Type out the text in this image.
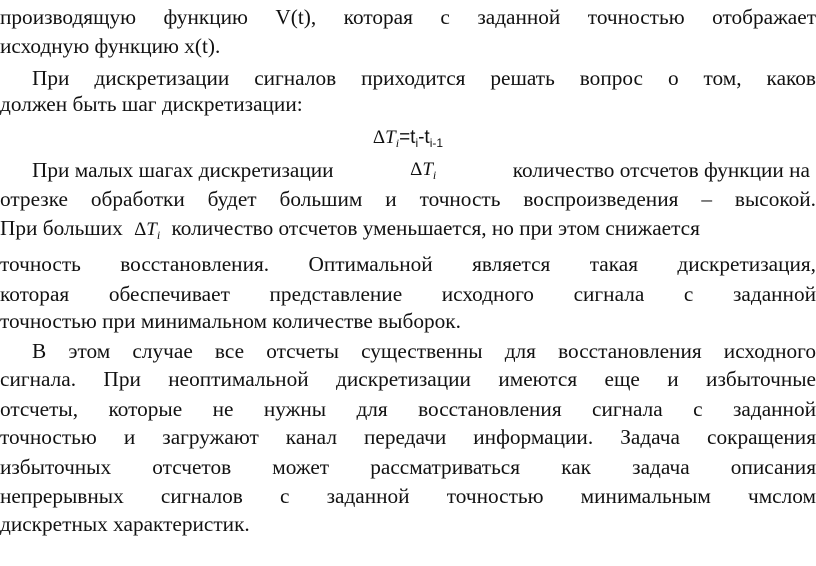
производящую функцию V(t), которая с заданной точностью отображает
исходную функцию x(t).
При дискретизации сигналов приходится решать вопрос о том, каков
должен быть шаг дискретизации:
$\Delta T_i=t_i-t_{i-1}$
При малых шагах дискретизации	$\Delta T_i$	количество отсчетов функции на
отрезке обработки будет большим и точность воспроизведения – высокой.
При больших $\Delta T_i$ количество отсчетов уменьшается, но при этом снижается
точность восстановления. Оптимальной является такая дискретизация,
которая обеспечивает представление исходного сигнала с заданной
точностью при минимальном количестве выборок.
В этом случае все отсчеты существенны для восстановления исходного
сигнала. При неоптимальной дискретизации имеются еще и избыточные
отсчеты, которые не нужны для восстановления сигнала с заданной
точностью и загружают канал передачи информации. Задача сокращения
избыточных отсчетов может рассматриваться как задача описания
непрерывных сигналов с заданной точностью минимальным чмслом
дискретных характеристик.
